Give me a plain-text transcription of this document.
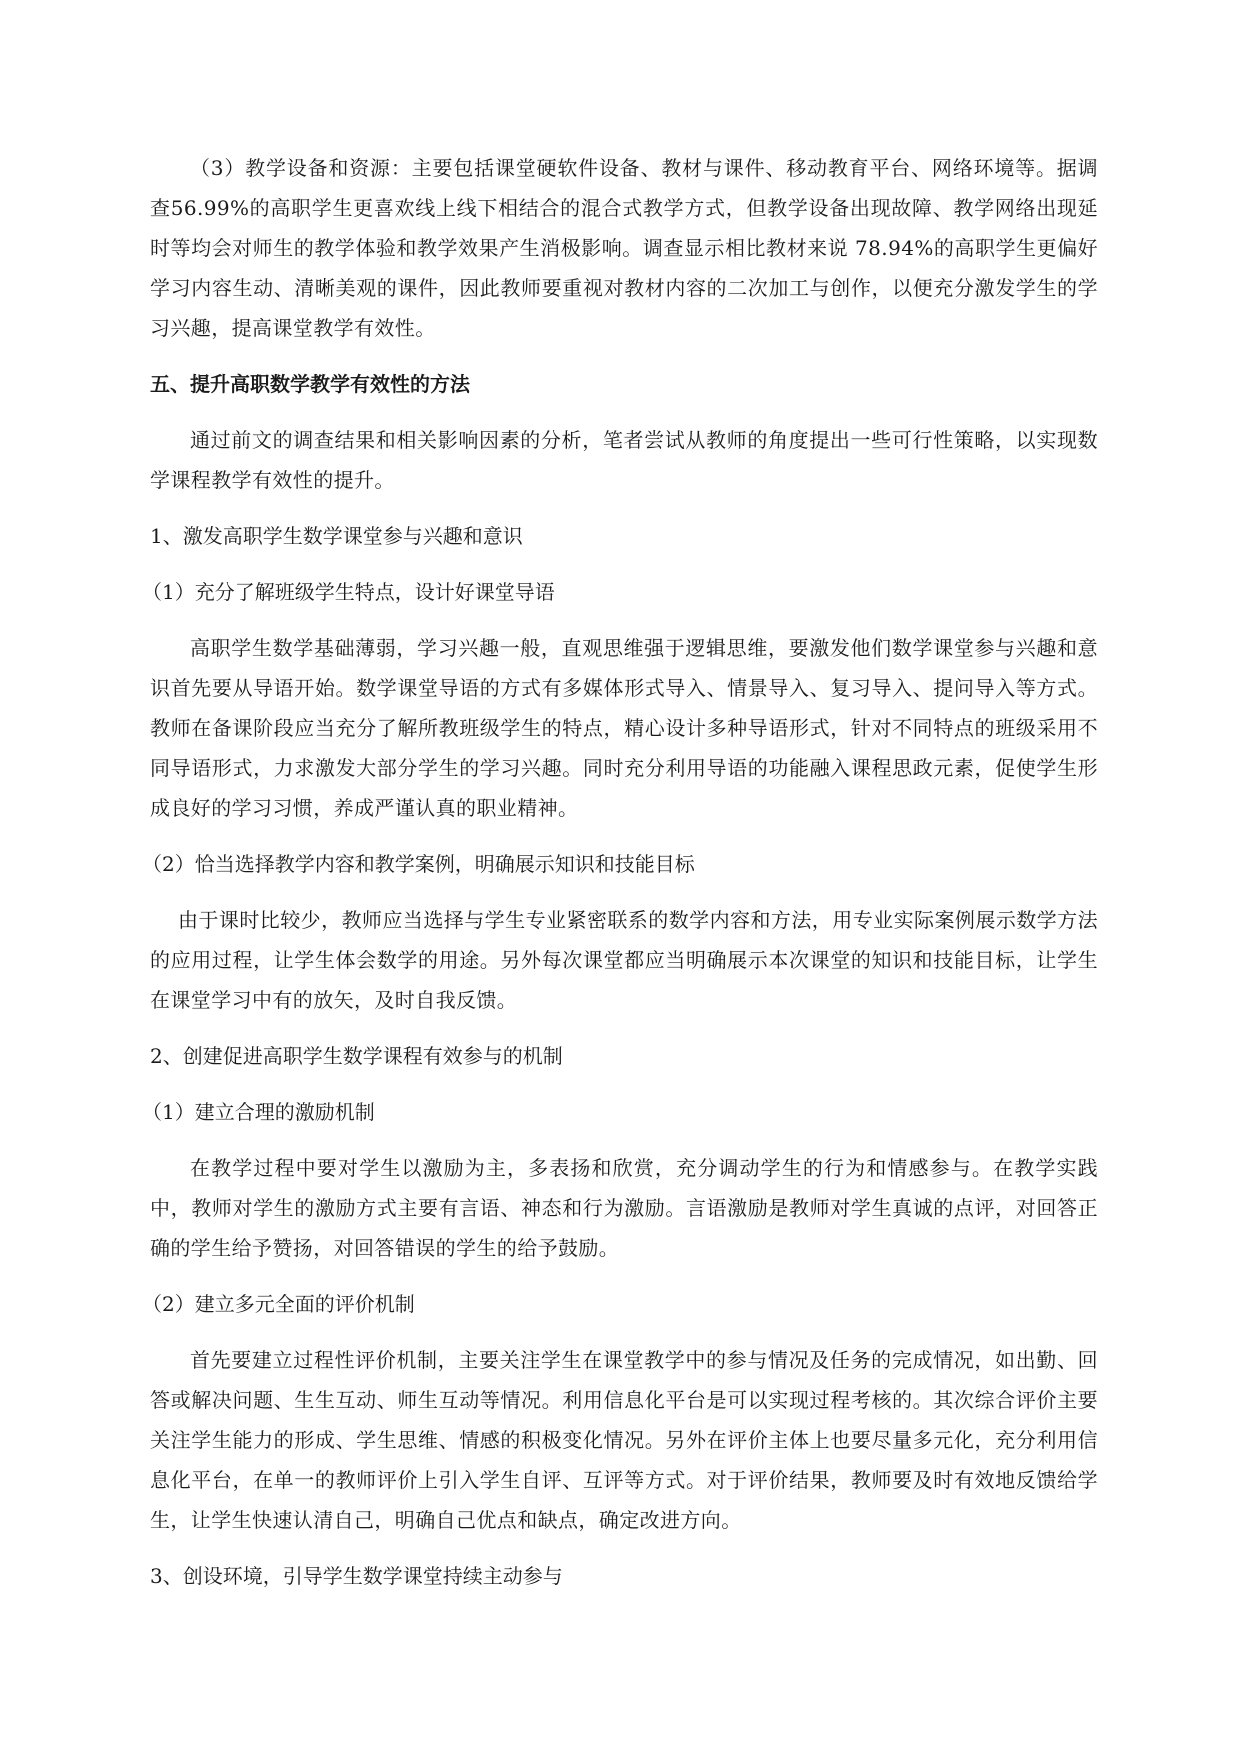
（3）教学设备和资源：主要包括课堂硬软件设备、教材与课件、移动教育平台、网络环境等。据调查56.99%的高职学生更喜欢线上线下相结合的混合式教学方式，但教学设备出现故障、教学网络出现延时等均会对师生的教学体验和教学效果产生消极影响。调查显示相比教材来说 78.94%的高职学生更偏好学习内容生动、清晰美观的课件，因此教师要重视对教材内容的二次加工与创作，以便充分激发学生的学习兴趣，提高课堂教学有效性。

五、提升高职数学教学有效性的方法

通过前文的调查结果和相关影响因素的分析，笔者尝试从教师的角度提出一些可行性策略，以实现数学课程教学有效性的提升。

1、激发高职学生数学课堂参与兴趣和意识
（1）充分了解班级学生特点，设计好课堂导语

高职学生数学基础薄弱，学习兴趣一般，直观思维强于逻辑思维，要激发他们数学课堂参与兴趣和意识首先要从导语开始。数学课堂导语的方式有多媒体形式导入、情景导入、复习导入、提问导入等方式。教师在备课阶段应当充分了解所教班级学生的特点，精心设计多种导语形式，针对不同特点的班级采用不同导语形式，力求激发大部分学生的学习兴趣。同时充分利用导语的功能融入课程思政元素，促使学生形成良好的学习习惯，养成严谨认真的职业精神。

（2）恰当选择教学内容和教学案例，明确展示知识和技能目标

由于课时比较少，教师应当选择与学生专业紧密联系的数学内容和方法，用专业实际案例展示数学方法的应用过程，让学生体会数学的用途。另外每次课堂都应当明确展示本次课堂的知识和技能目标，让学生在课堂学习中有的放矢，及时自我反馈。

2、创建促进高职学生数学课程有效参与的机制
（1）建立合理的激励机制

在教学过程中要对学生以激励为主，多表扬和欣赏，充分调动学生的行为和情感参与。在教学实践中，教师对学生的激励方式主要有言语、神态和行为激励。言语激励是教师对学生真诚的点评，对回答正确的学生给予赞扬，对回答错误的学生的给予鼓励。

（2）建立多元全面的评价机制

首先要建立过程性评价机制，主要关注学生在课堂教学中的参与情况及任务的完成情况，如出勤、回答或解决问题、生生互动、师生互动等情况。利用信息化平台是可以实现过程考核的。其次综合评价主要关注学生能力的形成、学生思维、情感的积极变化情况。另外在评价主体上也要尽量多元化，充分利用信息化平台，在单一的教师评价上引入学生自评、互评等方式。对于评价结果，教师要及时有效地反馈给学生，让学生快速认清自己，明确自己优点和缺点，确定改进方向。

3、创设环境，引导学生数学课堂持续主动参与
